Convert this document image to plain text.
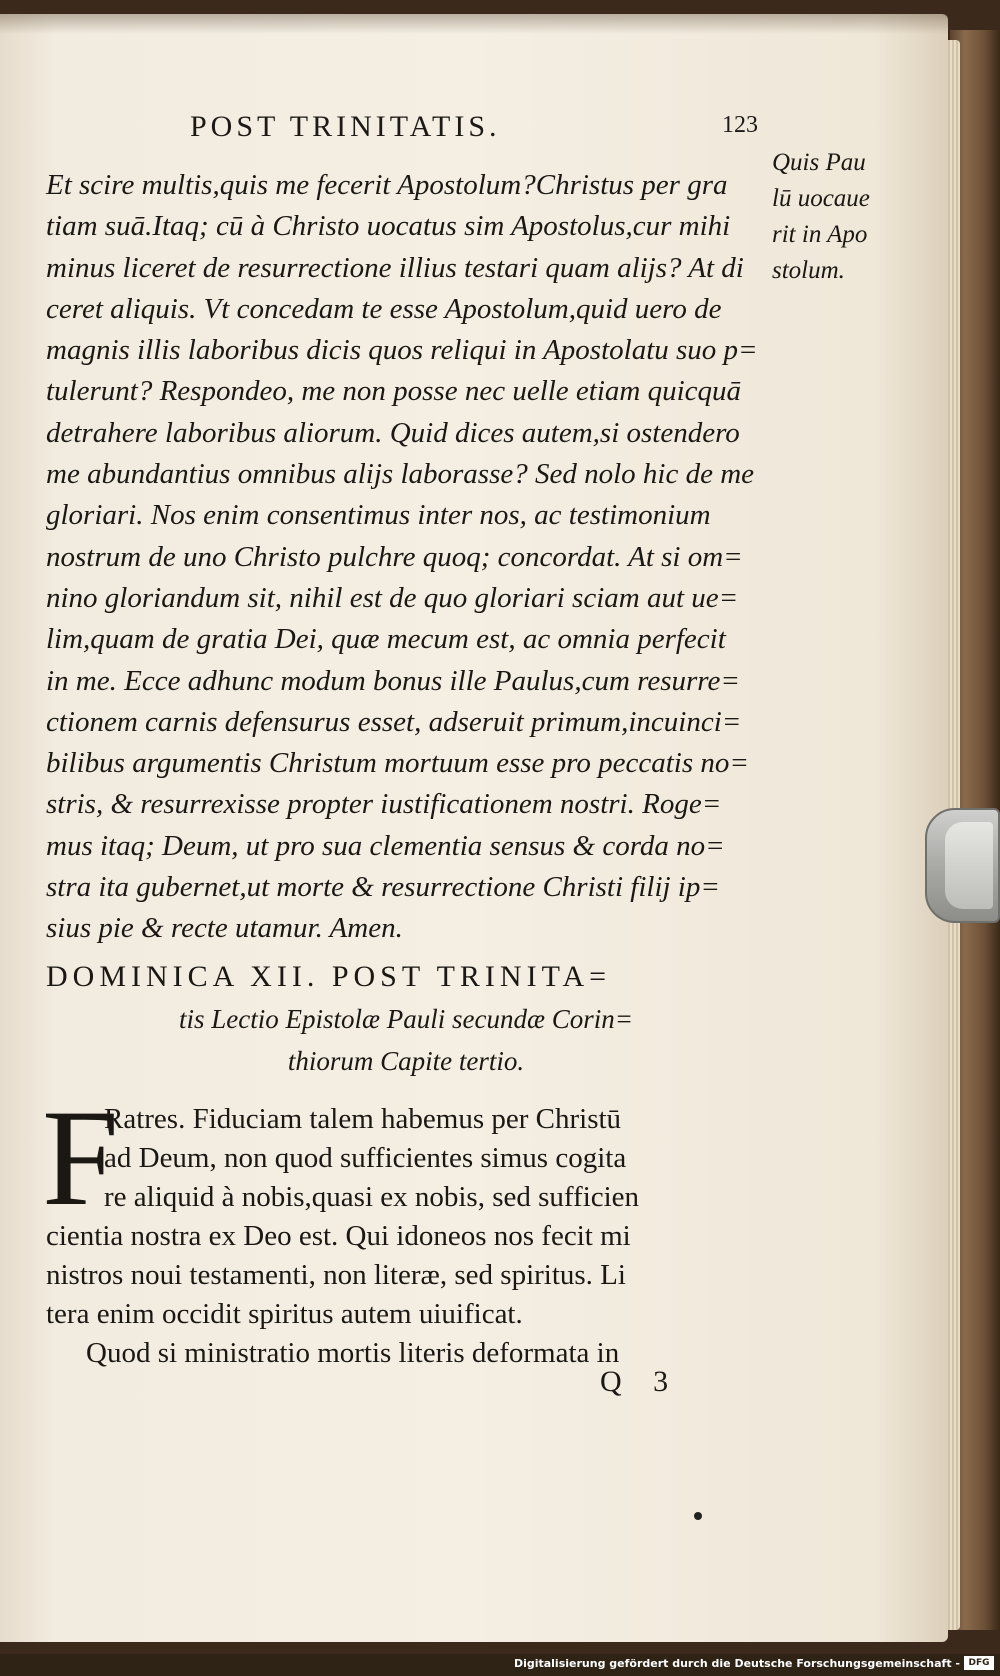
POST TRINITATIS.	123
Quis Pau
lū uocaue
rit in Apo
stolum.
Et scire multis,quis me fecerit Apostolum?Christus per gra
tiam suā.Itaq; cū à Christo uocatus sim Apostolus,cur mihi
minus liceret de resurrectione illius testari quam alijs? At di
ceret aliquis. Vt concedam te esse Apostolum,quid uero de
magnis illis laboribus dicis quos reliqui in Apostolatu suo p=
tulerunt? Respondeo, me non posse nec uelle etiam quicquā
detrahere laboribus aliorum. Quid dices autem,si ostendero
me abundantius omnibus alijs laborasse? Sed nolo hic de me
gloriari. Nos enim consentimus inter nos, ac testimonium
nostrum de uno Christo pulchre quoq; concordat. At si om=
nino gloriandum sit, nihil est de quo gloriari sciam aut ue=
lim,quam de gratia Dei, quæ mecum est, ac omnia perfecit
in me. Ecce adhunc modum bonus ille Paulus,cum resurre=
ctionem carnis defensurus esset, adseruit primum,incuinci=
bilibus argumentis Christum mortuum esse pro peccatis no=
stris, & resurrexisse propter iustificationem nostri. Roge=
mus itaq; Deum, ut pro sua clementia sensus & corda no=
stra ita gubernet,ut morte & resurrectione Christi filij ip=
sius pie & recte utamur. Amen.
DOMINICA XII. POST TRINITA=
tis Lectio Epistolæ Pauli secundæ Corin=
thiorum Capite tertio.
F
Ratres. Fiduciam talem habemus per Christū
ad Deum, non quod sufficientes simus cogita
re aliquid à nobis,quasi ex nobis, sed sufficien
cientia nostra ex Deo est. Qui idoneos nos fecit mi
nistros noui testamenti, non literæ, sed spiritus. Li
tera enim occidit spiritus autem uiuificat.
Quod si ministratio mortis literis deformata in
Q 3
Digitalisierung gefördert durch die Deutsche Forschungsgemeinschaft - DFG
